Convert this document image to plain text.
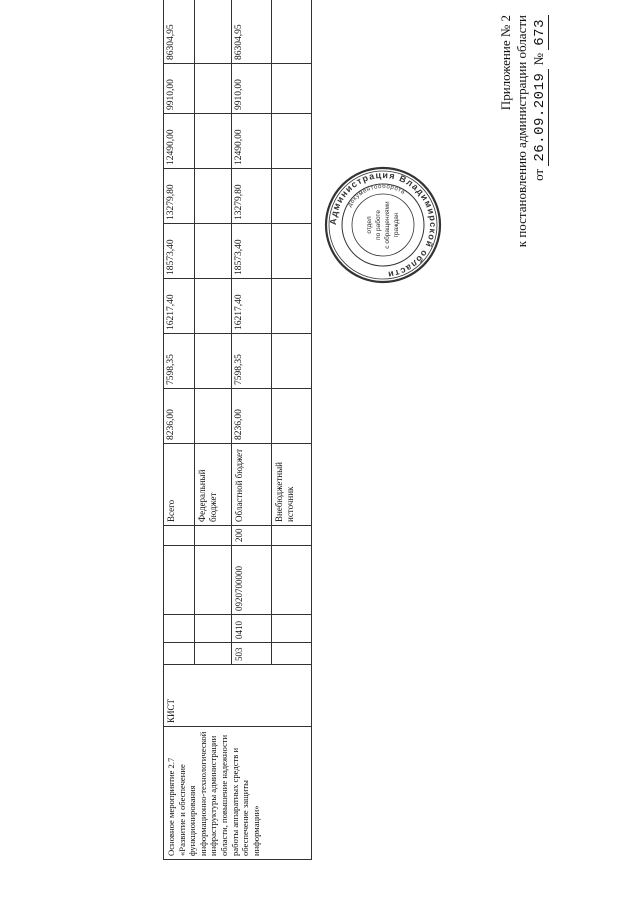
Приложение № 2 к постановлению администрации области от 26.09.2019 № 673
Основное мероприятие 2.7 «Развитие и обеспечение функционирования информационно-технологической инфраструктуры администрации области, повышение надежности работы аппаратных средств и обеспечение защиты информации»	КИСТ					Всего	8236,00	7598,35	16217,40	18573,40	13279,80	12490,00	9910,00	86304,95
						Федеральный бюджет								
		503	0410	0920700000	200	Областной бюджет	8236,00	7598,35	16217,40	18573,40	13279,80	12490,00	9910,00	86304,95
						Внебюджетный источник								
Администрация Владимирской области
документооборота
отдел по работе с обращениями граждан
